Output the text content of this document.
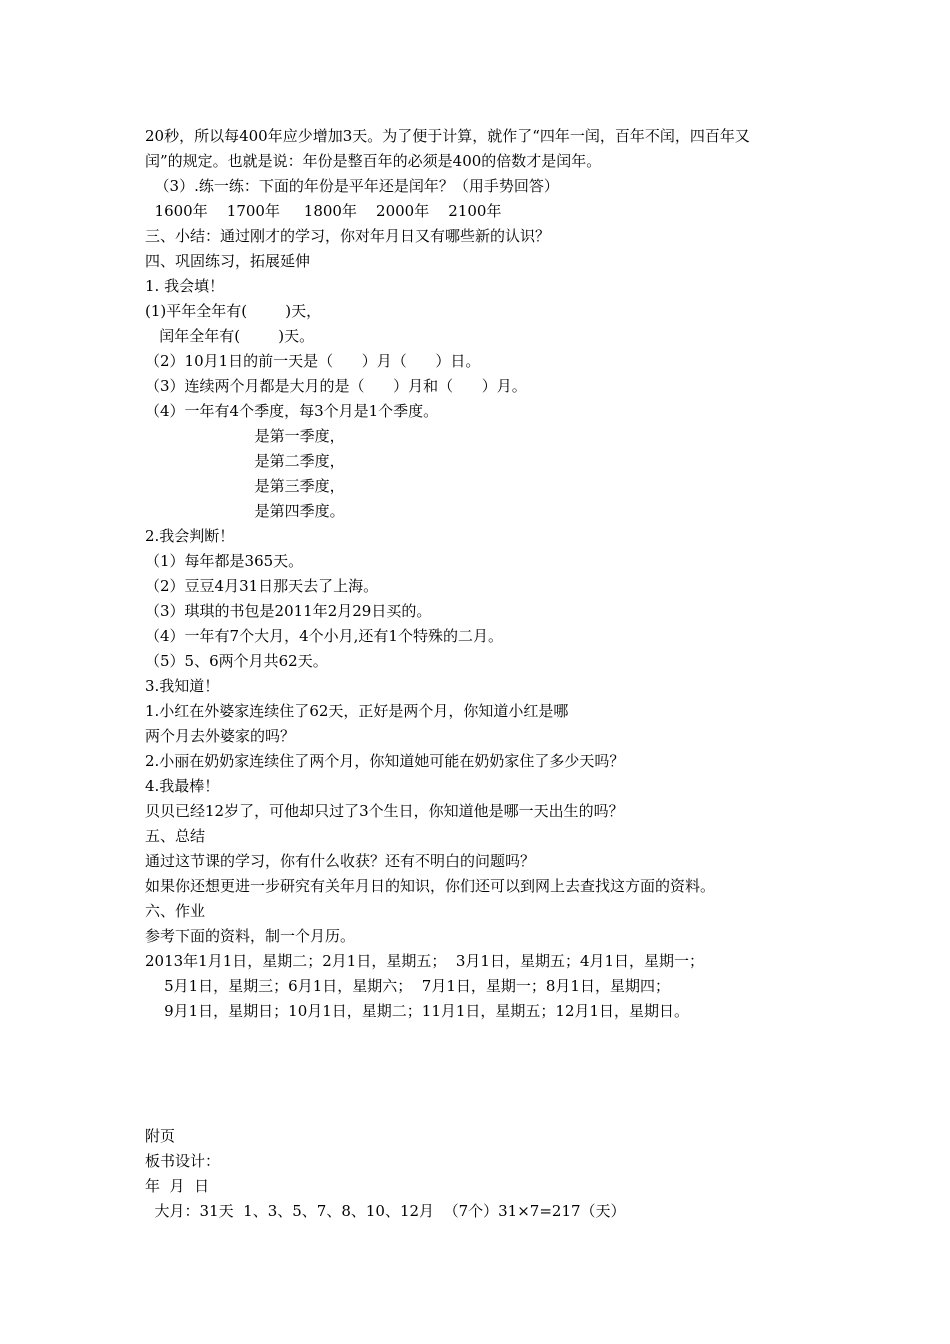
20秒，所以每400年应少增加3天。为了便于计算，就作了“四年一闰，百年不闰，四百年又
闰”的规定。也就是说：年份是整百年的必须是400的倍数才是闰年。
（3）.练一练：下面的年份是平年还是闰年？（用手势回答）
1600年    1700年     1800年    2000年    2100年
三、小结：通过刚才的学习，你对年月日又有哪些新的认识？
四、巩固练习，拓展延伸
1. 我会填！
(1)平年全年有(        )天，
闰年全年有(        )天。
（2）10月1日的前一天是（      ）月（      ）日。
（3）连续两个月都是大月的是（      ）月和（      ）月。
（4）一年有4个季度，每3个月是1个季度。
是第一季度，
是第二季度，
是第三季度，
是第四季度。
2.我会判断！
（1）每年都是365天。
（2）豆豆4月31日那天去了上海。
（3）琪琪的书包是2011年2月29日买的。
（4）一年有7个大月，4个小月,还有1个特殊的二月。
（5）5、6两个月共62天。
3.我知道！
1.小红在外婆家连续住了62天，正好是两个月，你知道小红是哪
两个月去外婆家的吗？
2.小丽在奶奶家连续住了两个月，你知道她可能在奶奶家住了多少天吗？
4.我最棒！
贝贝已经12岁了，可他却只过了3个生日，你知道他是哪一天出生的吗？
五、总结
通过这节课的学习，你有什么收获？还有不明白的问题吗？
如果你还想更进一步研究有关年月日的知识，你们还可以到网上去查找这方面的资料。
六、作业
参考下面的资料，制一个月历。
2013年1月1日，星期二；2月1日，星期五；  3月1日，星期五；4月1日，星期一；
5月1日，星期三；6月1日，星期六；  7月1日，星期一；8月1日，星期四；
9月1日，星期日；10月1日，星期二；11月1日，星期五；12月1日，星期日。
附页
板书设计：
年  月  日
大月：31天  1、3、5、7、8、10、12月  （7个）31×7=217（天）
